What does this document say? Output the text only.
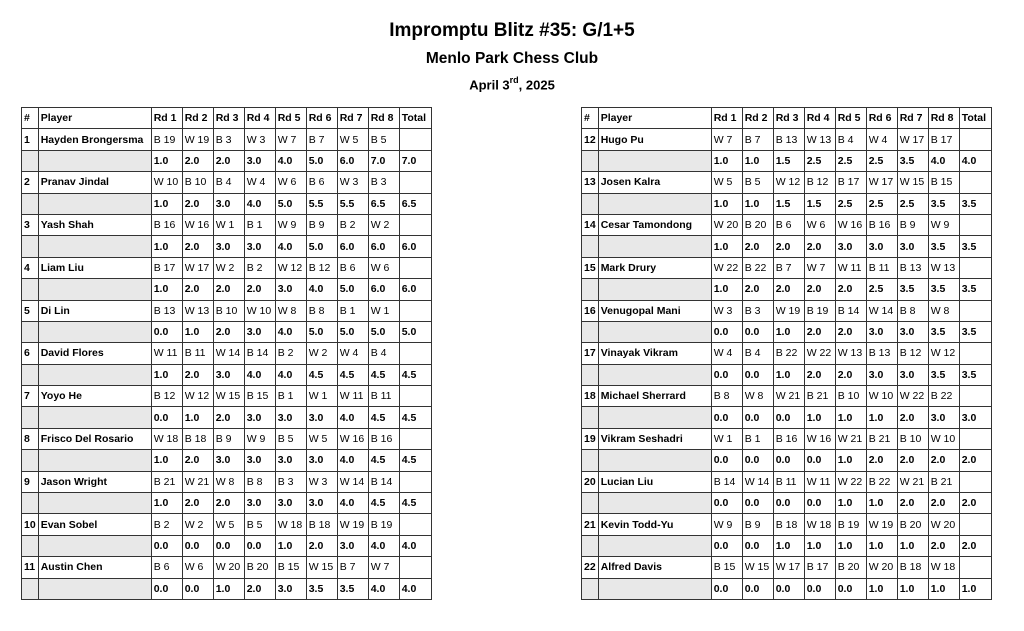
Impromptu Blitz #35: G/1+5
Menlo Park Chess Club
April 3rd, 2025
#	Player	Rd 1	Rd 2	Rd 3	Rd 4	Rd 5	Rd 6	Rd 7	Rd 8	Total
1	Hayden Brongersma	B 19	W 19	B 3	W 3	W 7	B 7	W 5	B 5	
		1.0	2.0	2.0	3.0	4.0	5.0	6.0	7.0	7.0
2	Pranav Jindal	W 10	B 10	B 4	W 4	W 6	B 6	W 3	B 3	
		1.0	2.0	3.0	4.0	5.0	5.5	5.5	6.5	6.5
3	Yash Shah	B 16	W 16	W 1	B 1	W 9	B 9	B 2	W 2	
		1.0	2.0	3.0	3.0	4.0	5.0	6.0	6.0	6.0
4	Liam Liu	B 17	W 17	W 2	B 2	W 12	B 12	B 6	W 6	
		1.0	2.0	2.0	2.0	3.0	4.0	5.0	6.0	6.0
5	Di Lin	B 13	W 13	B 10	W 10	W 8	B 8	B 1	W 1	
		0.0	1.0	2.0	3.0	4.0	5.0	5.0	5.0	5.0
6	David Flores	W 11	B 11	W 14	B 14	B 2	W 2	W 4	B 4	
		1.0	2.0	3.0	4.0	4.0	4.5	4.5	4.5	4.5
7	Yoyo He	B 12	W 12	W 15	B 15	B 1	W 1	W 11	B 11	
		0.0	1.0	2.0	3.0	3.0	3.0	4.0	4.5	4.5
8	Frisco Del Rosario	W 18	B 18	B 9	W 9	B 5	W 5	W 16	B 16	
		1.0	2.0	3.0	3.0	3.0	3.0	4.0	4.5	4.5
9	Jason Wright	B 21	W 21	W 8	B 8	B 3	W 3	W 14	B 14	
		1.0	2.0	2.0	3.0	3.0	3.0	4.0	4.5	4.5
10	Evan Sobel	B 2	W 2	W 5	B 5	W 18	B 18	W 19	B 19	
		0.0	0.0	0.0	0.0	1.0	2.0	3.0	4.0	4.0
11	Austin Chen	B 6	W 6	W 20	B 20	B 15	W 15	B 7	W 7	
		0.0	0.0	1.0	2.0	3.0	3.5	3.5	4.0	4.0
#	Player	Rd 1	Rd 2	Rd 3	Rd 4	Rd 5	Rd 6	Rd 7	Rd 8	Total
12	Hugo Pu	W 7	B 7	B 13	W 13	B 4	W 4	W 17	B 17	
		1.0	1.0	1.5	2.5	2.5	2.5	3.5	4.0	4.0
13	Josen Kalra	W 5	B 5	W 12	B 12	B 17	W 17	W 15	B 15	
		1.0	1.0	1.5	1.5	2.5	2.5	2.5	3.5	3.5
14	Cesar Tamondong	W 20	B 20	B 6	W 6	W 16	B 16	B 9	W 9	
		1.0	2.0	2.0	2.0	3.0	3.0	3.0	3.5	3.5
15	Mark Drury	W 22	B 22	B 7	W 7	W 11	B 11	B 13	W 13	
		1.0	2.0	2.0	2.0	2.0	2.5	3.5	3.5	3.5
16	Venugopal Mani	W 3	B 3	W 19	B 19	B 14	W 14	B 8	W 8	
		0.0	0.0	1.0	2.0	2.0	3.0	3.0	3.5	3.5
17	Vinayak Vikram	W 4	B 4	B 22	W 22	W 13	B 13	B 12	W 12	
		0.0	0.0	1.0	2.0	2.0	3.0	3.0	3.5	3.5
18	Michael Sherrard	B 8	W 8	W 21	B 21	B 10	W 10	W 22	B 22	
		0.0	0.0	0.0	1.0	1.0	1.0	2.0	3.0	3.0
19	Vikram Seshadri	W 1	B 1	B 16	W 16	W 21	B 21	B 10	W 10	
		0.0	0.0	0.0	0.0	1.0	2.0	2.0	2.0	2.0
20	Lucian Liu	B 14	W 14	B 11	W 11	W 22	B 22	W 21	B 21	
		0.0	0.0	0.0	0.0	1.0	1.0	2.0	2.0	2.0
21	Kevin Todd-Yu	W 9	B 9	B 18	W 18	B 19	W 19	B 20	W 20	
		0.0	0.0	1.0	1.0	1.0	1.0	1.0	2.0	2.0
22	Alfred Davis	B 15	W 15	W 17	B 17	B 20	W 20	B 18	W 18	
		0.0	0.0	0.0	0.0	0.0	1.0	1.0	1.0	1.0
